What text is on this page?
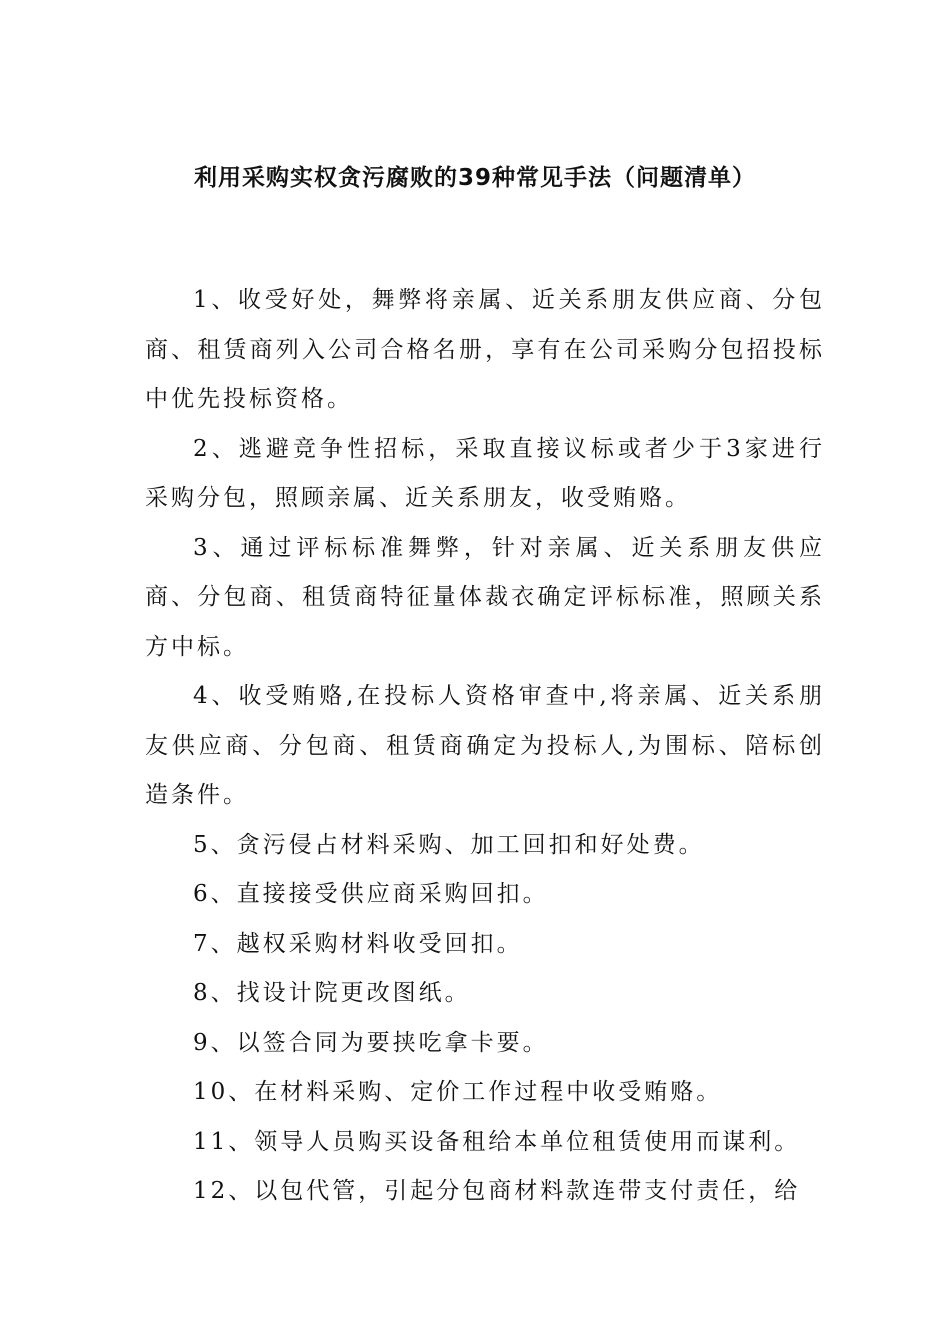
利用采购实权贪污腐败的39种常见手法（问题清单）

1、收受好处，舞弊将亲属、近关系朋友供应商、分包商、租赁商列入公司合格名册，享有在公司采购分包招投标中优先投标资格。

2、逃避竞争性招标，采取直接议标或者少于3家进行采购分包，照顾亲属、近关系朋友，收受贿赂。

3、通过评标标准舞弊，针对亲属、近关系朋友供应商、分包商、租赁商特征量体裁衣确定评标标准，照顾关系方中标。

4、收受贿赂,在投标人资格审查中,将亲属、近关系朋友供应商、分包商、租赁商确定为投标人,为围标、陪标创造条件。

5、贪污侵占材料采购、加工回扣和好处费。

6、直接接受供应商采购回扣。

7、越权采购材料收受回扣。

8、找设计院更改图纸。

9、以签合同为要挟吃拿卡要。

10、在材料采购、定价工作过程中收受贿赂。

11、领导人员购买设备租给本单位租赁使用而谋利。

12、以包代管，引起分包商材料款连带支付责任，给
